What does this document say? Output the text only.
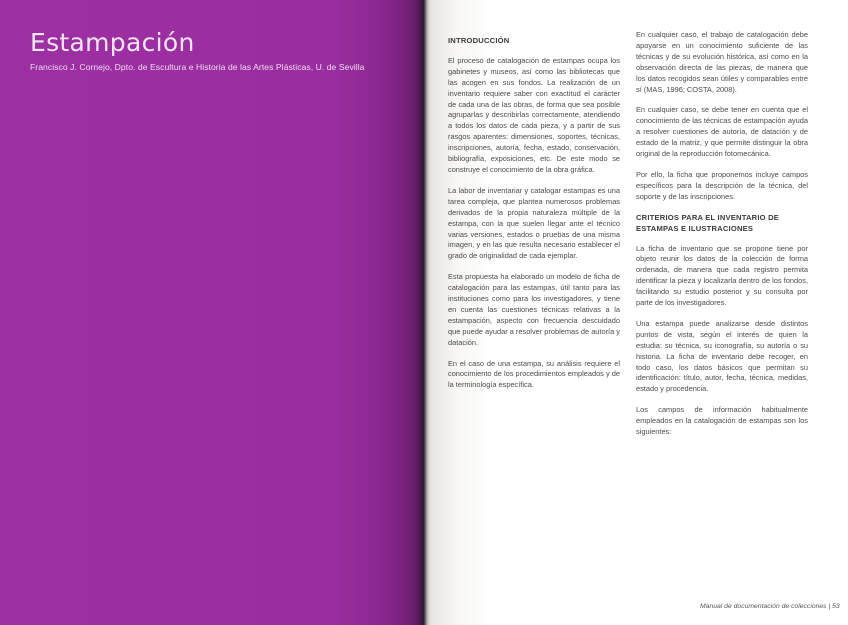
Estampación
Francisco J. Cornejo, Dpto. de Escultura e Historia de las Artes Plásticas, U. de Sevilla
INTRODUCCIÓN

El proceso de catalogación de estampas ocupa los gabinetes y museos, así como las bibliotecas que las acogen en sus fondos. La realización de un inventario requiere saber con exactitud el carácter de cada una de las obras, de forma que sea posible agruparlas y describirlas correctamente, atendiendo a todos los datos de cada pieza, y a partir de sus rasgos aparentes: dimensiones, soportes, técnicas, inscripciones, autoría, fecha, estado, conservación, bibliografía, exposiciones, etc. De este modo se construye el conocimiento de la obra gráfica.

La labor de inventariar y catalogar estampas es una tarea compleja, que plantea numerosos problemas derivados de la propia naturaleza múltiple de la estampa, con la que suelen llegar ante el técnico varias versiones, estados o pruebas de una misma imagen, y en las que resulta necesario establecer el grado de originalidad de cada ejemplar.

Esta propuesta ha elaborado un modelo de ficha de catalogación para las estampas, útil tanto para las instituciones como para los investigadores, y tiene en cuenta las cuestiones técnicas relativas a la estampación, aspecto con frecuencia descuidado que puede ayudar a resolver problemas de autoría y datación.

En el caso de una estampa, su análisis requiere el conocimiento de los procedimientos empleados y de la terminología específica.

En cualquier caso, el trabajo de catalogación debe apoyarse en un conocimiento suficiente de las técnicas y de su evolución histórica, así como en la observación directa de las piezas, de manera que los datos recogidos sean útiles y comparables entre sí (MAS, 1996; COSTA, 2008).

En cualquier caso, se debe tener en cuenta que el conocimiento de las técnicas de estampación ayuda a resolver cuestiones de autoría, de datación y de estado de la matriz, y que permite distinguir la obra original de la reproducción fotomecánica.

Por ello, la ficha que proponemos incluye campos específicos para la descripción de la técnica, del soporte y de las inscripciones.

CRITERIOS PARA EL INVENTARIO DE ESTAMPAS E ILUSTRACIONES

La ficha de inventario que se propone tiene por objeto reunir los datos de la colección de forma ordenada, de manera que cada registro permita identificar la pieza y localizarla dentro de los fondos, facilitando su estudio posterior y su consulta por parte de los investigadores.

Una estampa puede analizarse desde distintos puntos de vista, según el interés de quien la estudia: su técnica, su iconografía, su autoría o su historia. La ficha de inventario debe recoger, en todo caso, los datos básicos que permitan su identificación: título, autor, fecha, técnica, medidas, estado y procedencia.

Los campos de información habitualmente empleados en la catalogación de estampas son los siguientes:

Manual de documentación de colecciones | 53
